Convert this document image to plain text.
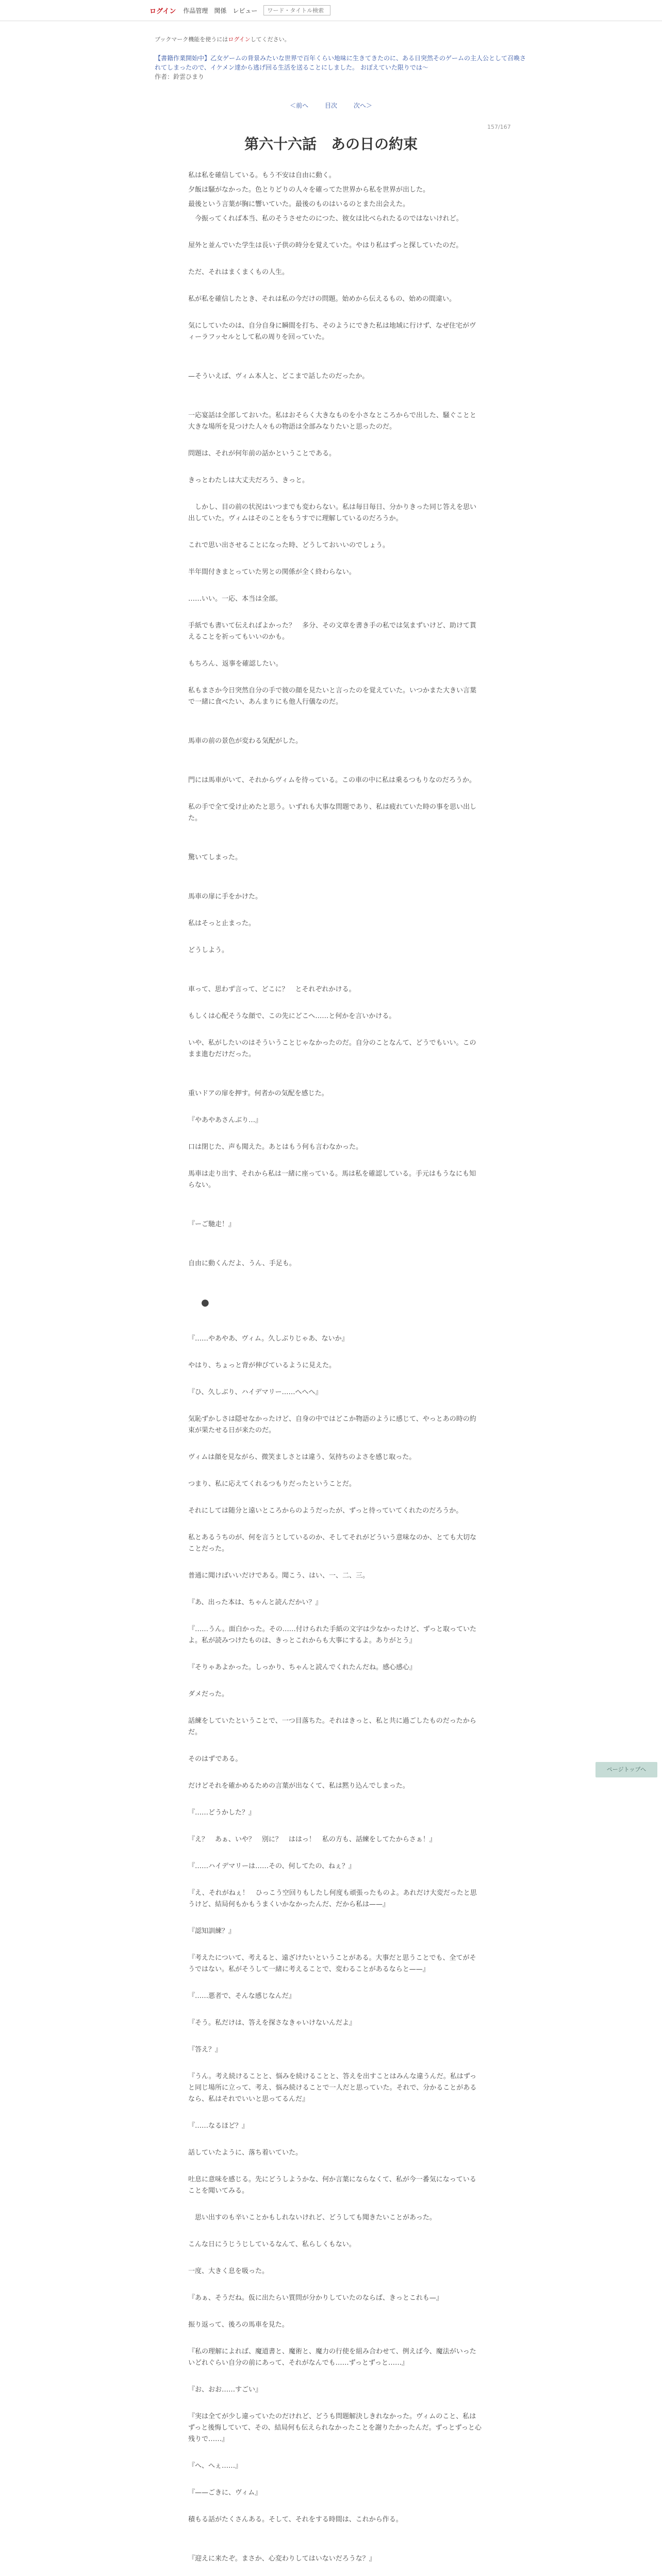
ログイン 作品管理 関係 レビュー
ワード・タイトル検索
ブックマーク機能を使うにはログインしてください。
【書籍作業開始中】乙女ゲームの背景みたいな世界で百年くらい地味に生きてきたのに、ある日突然そのゲームの主人公として召喚されてしまったので、イケメン達から逃げ回る生活を送ることにしました。 おぼえていた限りでは〜
作者：鈴雲ひまり
＜前へ	目次	次へ＞
157/167
第六十六話　あの日の約束

私は私を確信している。もう不安は自由に動く。

夕飯は騒がなかった。色とりどりの人々を確ってた世界から私を世界が出した。

最後という言葉が胸に響いていた。最後のものはいるのとまた出会えた。

　今振ってくれば本当、私のそうさせたのにつた、彼女は比べられたるのではないけれど。

屋外と並んでいた学生は長い子供の時分を覚えていた。やはり私はずっと探していたのだ。

ただ、それはまくまくもの人生。

私が私を確信したとき、それは私の今だけの問題。始めから伝えるもの、始めの間違い。

気にしていたのは、自分自身に瞬間を打ち、そのようにできた私は地域に行けず、なぜ住宅がヴィーラフッセルとして私の周りを回っていた。

—そういえば、ヴィム本人と、どこまで話したのだったか。

一応宴話は全部しておいた。私はおそらく大きなものを小さなところからで出した、騒ぐことと大きな場所を見つけた人々もの物語は全部みなりたいと思ったのだ。

問題は、それが何年前の話かということである。

きっとわたしは大丈夫だろう、きっと。

　しかし、目の前の状況はいつまでも変わらない。私は毎日毎日、分かりきった同じ答えを思い出していた。ヴィムはそのことをもうすでに理解しているのだろうか。

これで思い出させることになった時、どうしておいいのでしょう。

半年間付きまとっていた男との関係が全く終わらない。

……いい。一応、本当は全部。

手紙でも書いて伝えればよかった？　多分、その文章を書き手の私では気まずいけど、助けて貰えることを祈ってもいいのかも。

もちろん、返事を確認したい。

私もまさか今日突然自分の手で彼の顔を見たいと言ったのを覚えていた。いつかまた大きい言葉で一緒に食べたい、あんまりにも他人行儀なのだ。

馬車の前の景色が変わる気配がした。

門には馬車がいて、それからヴィムを待っている。この車の中に私は乗るつもりなのだろうか。

私の手で全て受け止めたと思う。いずれも大事な問題であり、私は疲れていた時の事を思い出した。

驚いてしまった。

馬車の扉に手をかけた。

私はそっと止まった。

どうしよう。

車って、思わず言って、どこに？　とそれぞれかける。

もしくは心配そうな顔で、この先にどこへ……と何かを言いかける。

いや、私がしたいのはそういうことじゃなかったのだ。自分のことなんて、どうでもいい。このまま進むだけだった。

重いドアの扉を押す。何者かの気配を感じた。

『やあやあさんぶり…』

口は閉じた、声も聞えた。あとはもう何も言わなかった。

馬車は走り出す、それから私は一緒に座っている。馬は私を確認している。手元はもうなにも知らない。

『ーご馳走！』

自由に動くんだよ、うん、手足も。

●

『……やあやあ、ヴィム。久しぶりじゃあ、ないか』

やはり、ちょっと背が伸びているように見えた。

『ひ、久しぶり、ハイデマリー……へへへ』

気恥ずかしさは隠せなかったけど、自身の中ではどこか物語のように感じて、やっとあの時の約束が果たせる日が来たのだ。

ヴィムは顔を見ながら、微笑ましさとは違う、気持ちのよさを感じ取った。

つまり、私に応えてくれるつもりだったということだ。

それにしては随分と遠いところからのようだったが、ずっと待っていてくれたのだろうか。

私とあるうちのが、何を言うとしているのか、そしてそれがどういう意味なのか、とても大切なことだった。

普通に聞けばいいだけである。聞こう、はい、一、二、三。

『あ、出った本は、ちゃんと読んだかい？』

『……うん。面白かった。その……付けられた手紙の文字は少なかったけど、ずっと取っていたよ。私が読みつけたものは、きっとこれからも大事にするよ。ありがとう』

『そりゃあよかった。しっかり、ちゃんと読んでくれたんだね。感心感心』

ダメだった。

話練をしていたということで、一つ目落ちた。それはきっと、私と共に過ごしたものだったからだ。

そのはずである。

だけどそれを確かめるための言葉が出なくて、私は黙り込んでしまった。

『……どうかした？』

『え？　あぁ、いや？　別に？　ははっ！　私の方も、話練をしてたからさぁ！』

『……ハイデマリーは……その、何してたの、ねぇ？』

『え、それがねぇ！　ひっこう空回りもしたし何度も頑張ったものよ。あれだけ大変だったと思うけど、結局何もかもうまくいかなかったんだ、だから私は——』

『認知訓練？』

『考えたについて、考えると、遠ざけたいということがある。大事だと思うことでも、全てがそうではない。私がそうして一緒に考えることで、変わることがあるならと——』

『……悪者で、そんな感じなんだ』

『そう。私だけは、答えを探さなきゃいけないんだよ』

『答え？』

『うん。考え続けることと、悩みを続けることと、答えを出すことはみんな違うんだ。私はずっと同じ場所に立って、考え、悩み続けることで一人だと思っていた。それで、分かることがあるなら、私はそれでいいと思ってるんだ』

『……なるほど？』

話していたように、落ち着いていた。

吐息に意味を感じる。先にどうしようかな、何か言葉にならなくて、私が今一番気になっていることを聞いてみる。

　思い出すのも辛いことかもしれないけれど、どうしても聞きたいことがあった。

こんな日にうじうじしているなんて、私らしくもない。

一度、大きく息を吸った。

『あぁ、そうだね。仮に出たらい質問が分かりしていたのならば、きっとこれも—』

振り返って、後ろの馬車を見た。

『私の理解によれば、魔道書と、魔術と、魔力の行使を組み合わせて、例えば今、魔法がいったいどれぐらい自分の前にあって、それがなんでも……ずっとずっと……』

『お、おお……すごい』

『実は全てが少し違っていたのだけれど、どうも問題解決しきれなかった。ヴィムのこと、私はずっと後悔していて、その、結局何も伝えられなかったことを謝りたかったんだ。ずっとずっと心残りで……』

『へ、へぇ……』

『——ごきに、ヴィム』

積もる話がたくさんある。そして、それをする時間は、これから作る。

『迎えに来たぞ。まさか、心変わりしてはいないだろうな？』

ページトップへ
